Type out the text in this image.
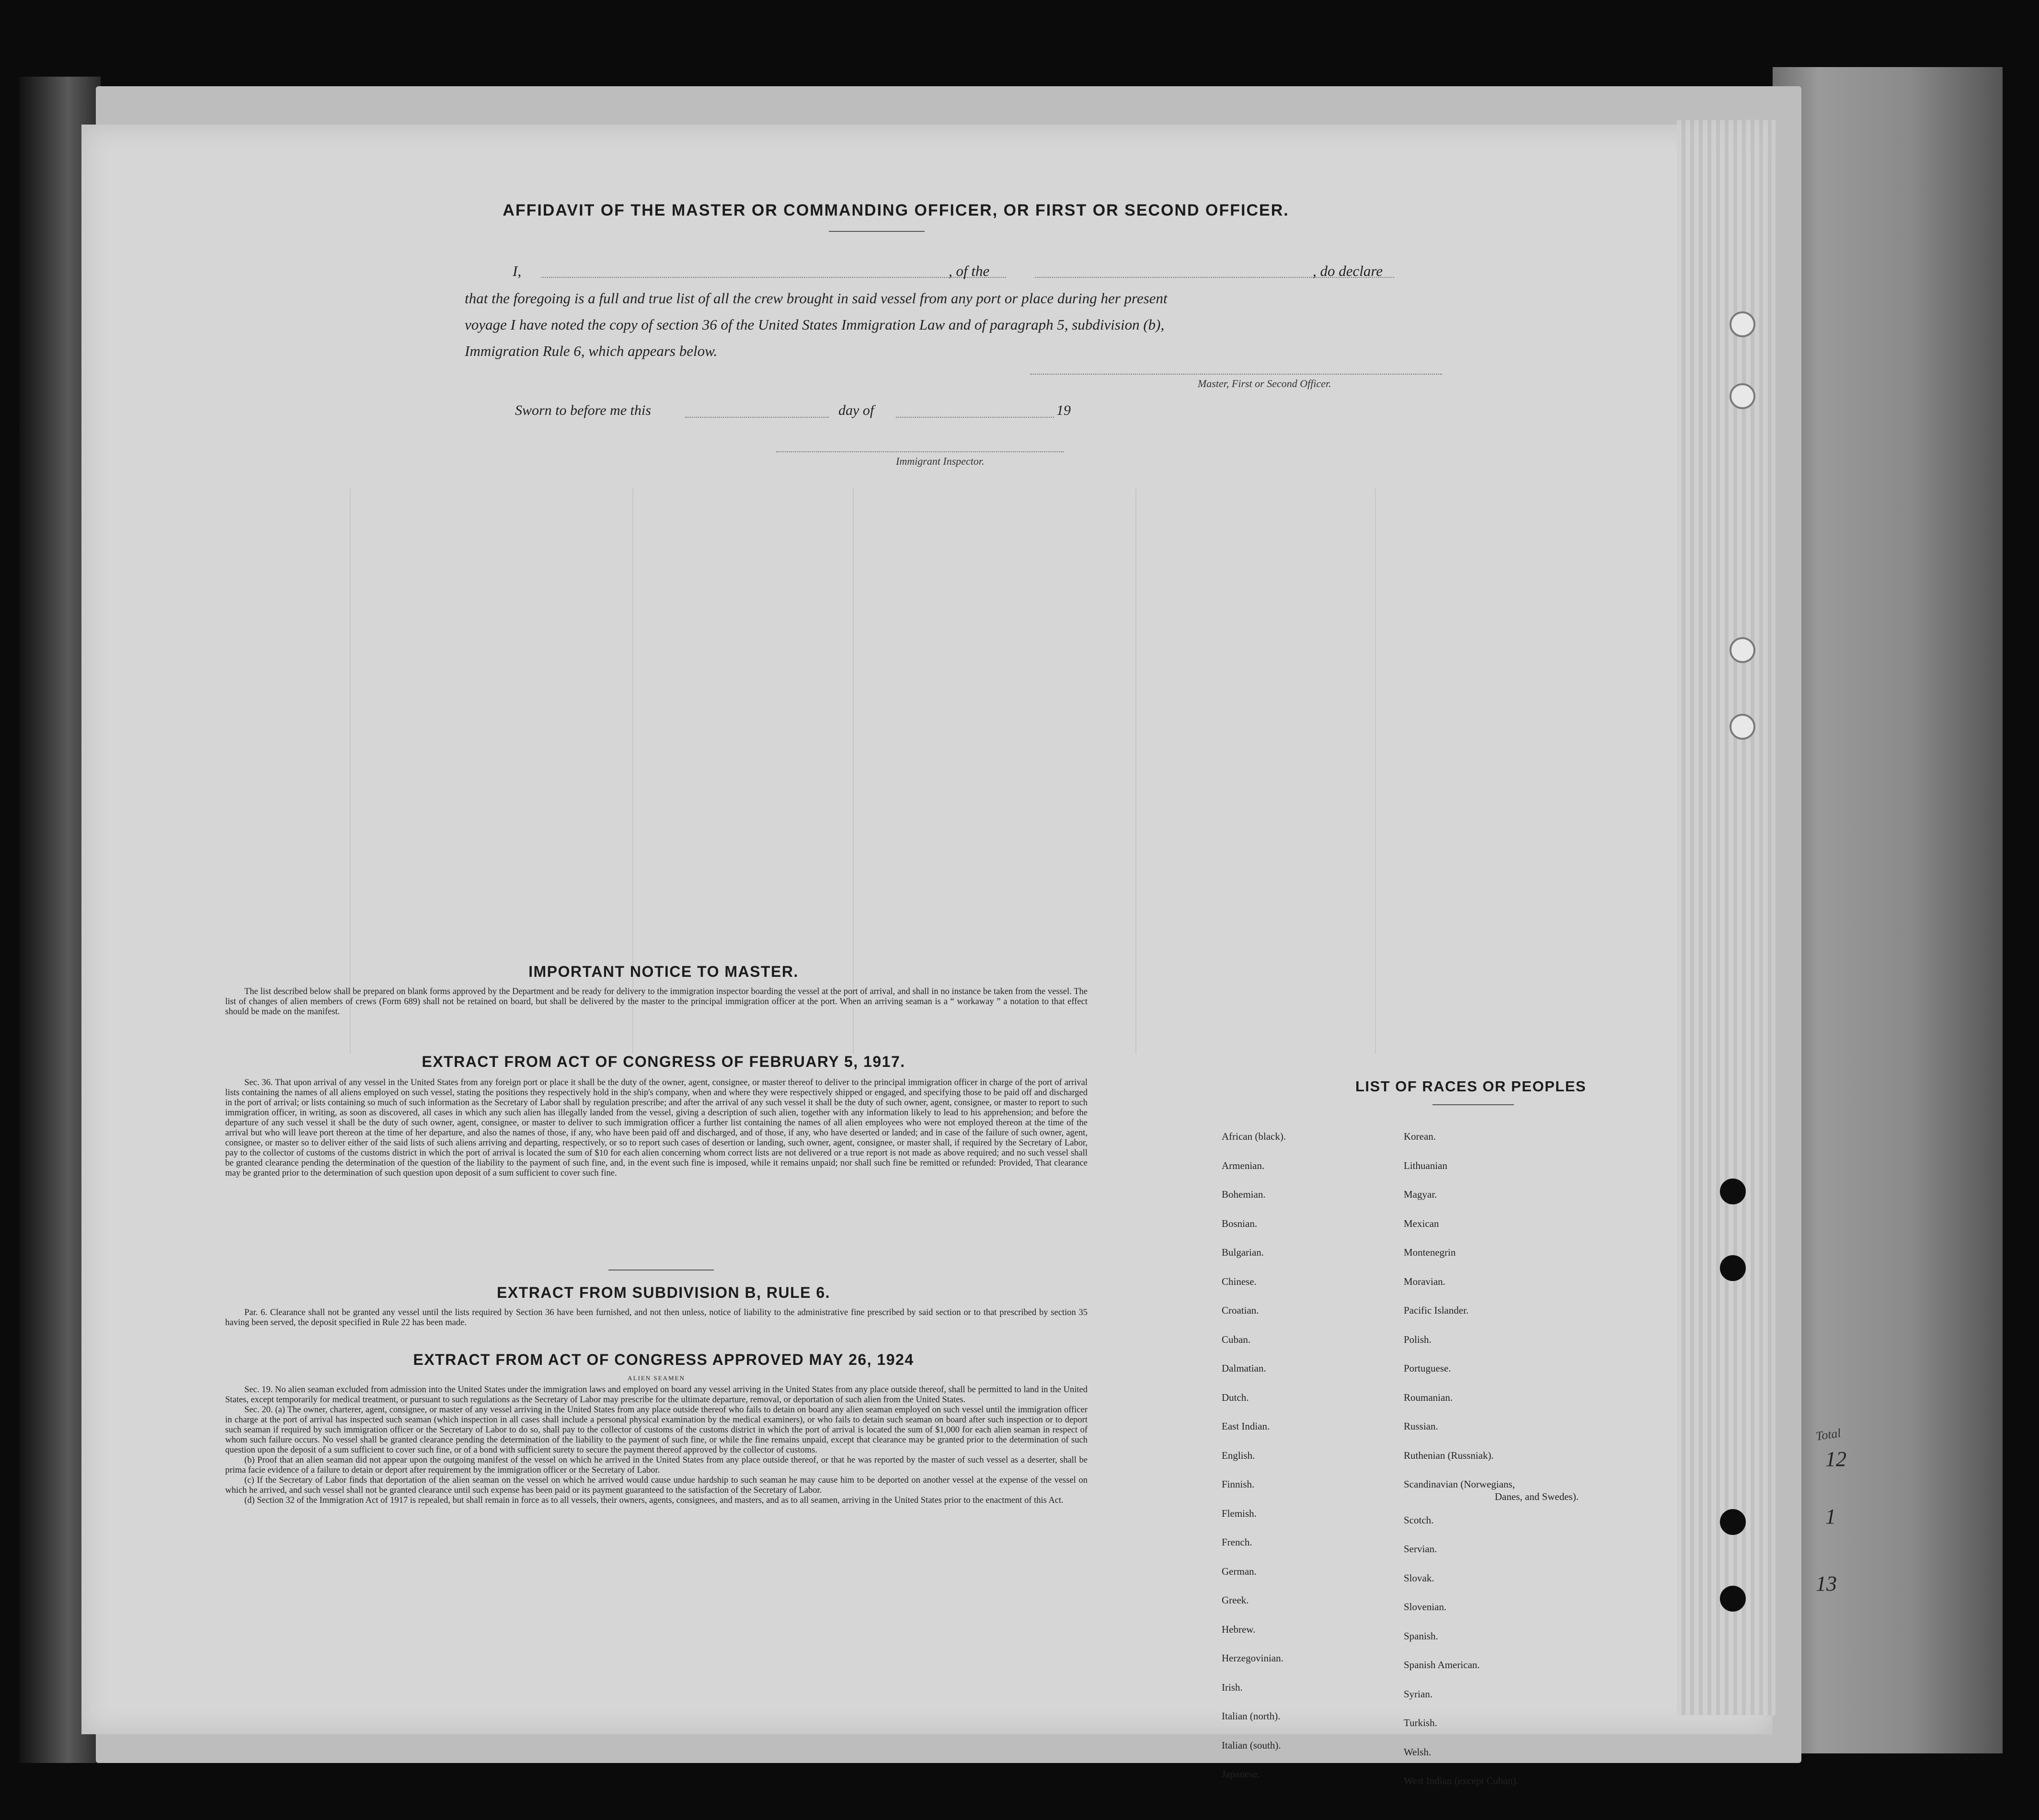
AFFIDAVIT OF THE MASTER OR COMMANDING OFFICER, OR FIRST OR SECOND OFFICER.
I,	, of the	, do declare
that the foregoing is a full and true list of all the crew brought in said vessel from any port or place during her present
voyage I have noted the copy of section 36 of the United States Immigration Law and of paragraph 5, subdivision (b),
Immigration Rule 6, which appears below.
Master, First or Second Officer.
Sworn to before me this	day of	19
Immigrant Inspector.
IMPORTANT NOTICE TO MASTER.

The list described below shall be prepared on blank forms approved by the Department and be ready for delivery to the immigration inspector boarding the vessel at the port of arrival, and shall in no instance be taken from the vessel. The list of changes of alien members of crews (Form 689) shall not be retained on board, but shall be delivered by the master to the principal immigration officer at the port. When an arriving seaman is a “ workaway ” a notation to that effect should be made on the manifest.

EXTRACT FROM ACT OF CONGRESS OF FEBRUARY 5, 1917.

Sec. 36. That upon arrival of any vessel in the United States from any foreign port or place it shall be the duty of the owner, agent, consignee, or master thereof to deliver to the principal immigration officer in charge of the port of arrival lists containing the names of all aliens employed on such vessel, stating the positions they respectively hold in the ship's company, when and where they were respectively shipped or engaged, and specifying those to be paid off and discharged in the port of arrival; or lists containing so much of such information as the Secretary of Labor shall by regulation prescribe; and after the arrival of any such vessel it shall be the duty of such owner, agent, consignee, or master to report to such immigration officer, in writing, as soon as discovered, all cases in which any such alien has illegally landed from the vessel, giving a description of such alien, together with any information likely to lead to his apprehension; and before the departure of any such vessel it shall be the duty of such owner, agent, consignee, or master to deliver to such immigration officer a further list containing the names of all alien employees who were not employed thereon at the time of the arrival but who will leave port thereon at the time of her departure, and also the names of those, if any, who have been paid off and discharged, and of those, if any, who have deserted or landed; and in case of the failure of such owner, agent, consignee, or master so to deliver either of the said lists of such aliens arriving and departing, respectively, or so to report such cases of desertion or landing, such owner, agent, consignee, or master shall, if required by the Secretary of Labor, pay to the collector of customs of the customs district in which the port of arrival is located the sum of $10 for each alien concerning whom correct lists are not delivered or a true report is not made as above required; and no such vessel shall be granted clearance pending the determination of the question of the liability to the payment of such fine, and, in the event such fine is imposed, while it remains unpaid; nor shall such fine be remitted or refunded: Provided, That clearance may be granted prior to the determination of such question upon deposit of a sum sufficient to cover such fine.

EXTRACT FROM SUBDIVISION B, RULE 6.

Par. 6. Clearance shall not be granted any vessel until the lists required by Section 36 have been furnished, and not then unless, notice of liability to the administrative fine prescribed by said section or to that prescribed by section 35 having been served, the deposit specified in Rule 22 has been made.

EXTRACT FROM ACT OF CONGRESS APPROVED MAY 26, 1924
ALIEN SEAMEN

Sec. 19. No alien seaman excluded from admission into the United States under the immigration laws and employed on board any vessel arriving in the United States from any place outside thereof, shall be permitted to land in the United States, except temporarily for medical treatment, or pursuant to such regulations as the Secretary of Labor may prescribe for the ultimate departure, removal, or deportation of such alien from the United States.

Sec. 20. (a) The owner, charterer, agent, consignee, or master of any vessel arriving in the United States from any place outside thereof who fails to detain on board any alien seaman employed on such vessel until the immigration officer in charge at the port of arrival has inspected such seaman (which inspection in all cases shall include a personal physical examination by the medical examiners), or who fails to detain such seaman on board after such inspection or to deport such seaman if required by such immigration officer or the Secretary of Labor to do so, shall pay to the collector of customs of the customs district in which the port of arrival is located the sum of $1,000 for each alien seaman in respect of whom such failure occurs. No vessel shall be granted clearance pending the determination of the liability to the payment of such fine, or while the fine remains unpaid, except that clearance may be granted prior to the determination of such question upon the deposit of a sum sufficient to cover such fine, or of a bond with sufficient surety to secure the payment thereof approved by the collector of customs.

(b) Proof that an alien seaman did not appear upon the outgoing manifest of the vessel on which he arrived in the United States from any place outside thereof, or that he was reported by the master of such vessel as a deserter, shall be prima facie evidence of a failure to detain or deport after requirement by the immigration officer or the Secretary of Labor.

(c) If the Secretary of Labor finds that deportation of the alien seaman on the vessel on which he arrived would cause undue hardship to such seaman he may cause him to be deported on another vessel at the expense of the vessel on which he arrived, and such vessel shall not be granted clearance until such expense has been paid or its payment guaranteed to the satisfaction of the Secretary of Labor.

(d) Section 32 of the Immigration Act of 1917 is repealed, but shall remain in force as to all vessels, their owners, agents, consignees, and masters, and as to all seamen, arriving in the United States prior to the enactment of this Act.

LIST OF RACES OR PEOPLES
African (black).
Armenian.
Bohemian.
Bosnian.
Bulgarian.
Chinese.
Croatian.
Cuban.
Dalmatian.
Dutch.
East Indian.
English.
Finnish.
Flemish.
French.
German.
Greek.
Hebrew.
Herzegovinian.
Irish.
Italian (north).
Italian (south).
Japanese.
Korean.
Lithuanian
Magyar.
Mexican
Montenegrin
Moravian.
Pacific Islander.
Polish.
Portuguese.
Roumanian.
Russian.
Ruthenian (Russniak).
Scandinavian (Norwegians,
Danes, and Swedes).
Scotch.
Servian.
Slovak.
Slovenian.
Spanish.
Spanish American.
Syrian.
Turkish.
Welsh.
West Indian (except Cuban).
Total
12
1
13
